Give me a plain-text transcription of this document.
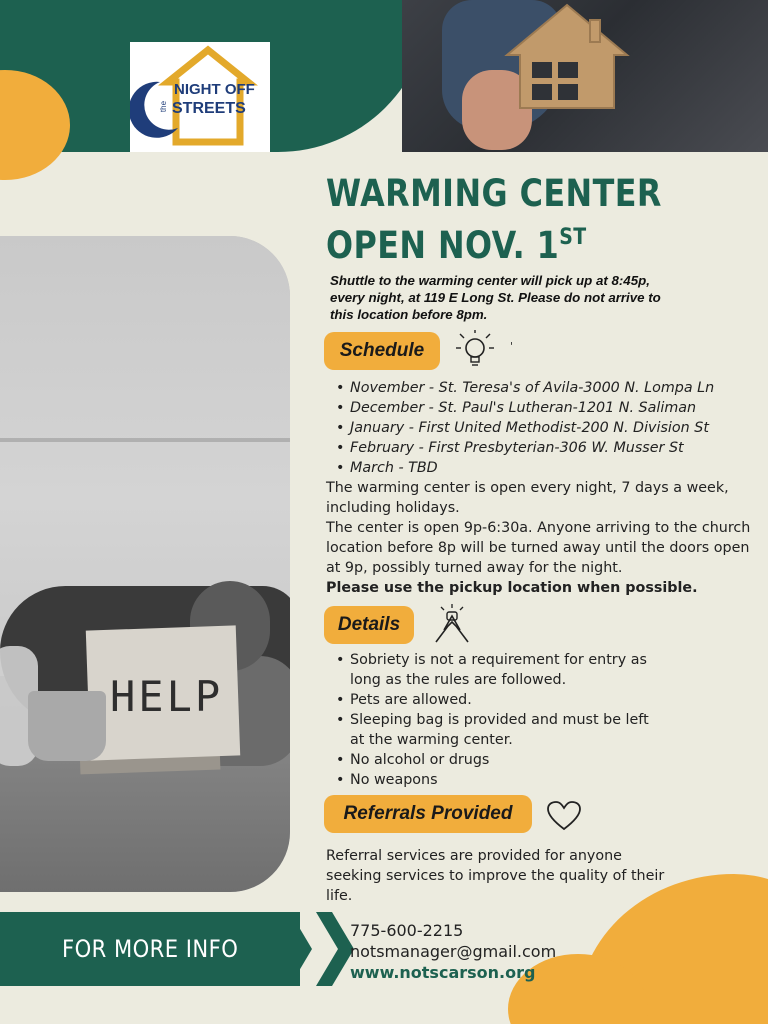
NIGHT OFF
the STREETS
WARMING CENTER
OPEN NOV. 1ST
Shuttle to the warming center will pick up at 8:45p, every night, at 119 E Long St. Please do not arrive to this location before 8pm.
Schedule	'
• November - St. Teresa's of Avila-3000 N. Lompa Ln
• December - St. Paul's Lutheran-1201 N. Saliman
• January - First United Methodist-200 N. Division St
• February - First Presbyterian-306 W. Musser St
• March - TBD

The warming center is open every night, 7 days a week, including holidays.

The center is open 9p-6:30a. Anyone arriving to the church location before 8p will be turned away until the doors open at 9p, possibly turned away for the night.

Please use the pickup location when possible.

Details
• Sobriety is not a requirement for entry as long as the rules are followed.
• Pets are allowed.
• Sleeping bag is provided and must be left at the warming center.
• No alcohol or drugs
• No weapons
Referrals Provided
Referral services are provided for anyone seeking services to improve the quality of their life.
HELP
FOR MORE INFO
775-600-2215
notsmanager@gmail.com
www.notscarson.org
